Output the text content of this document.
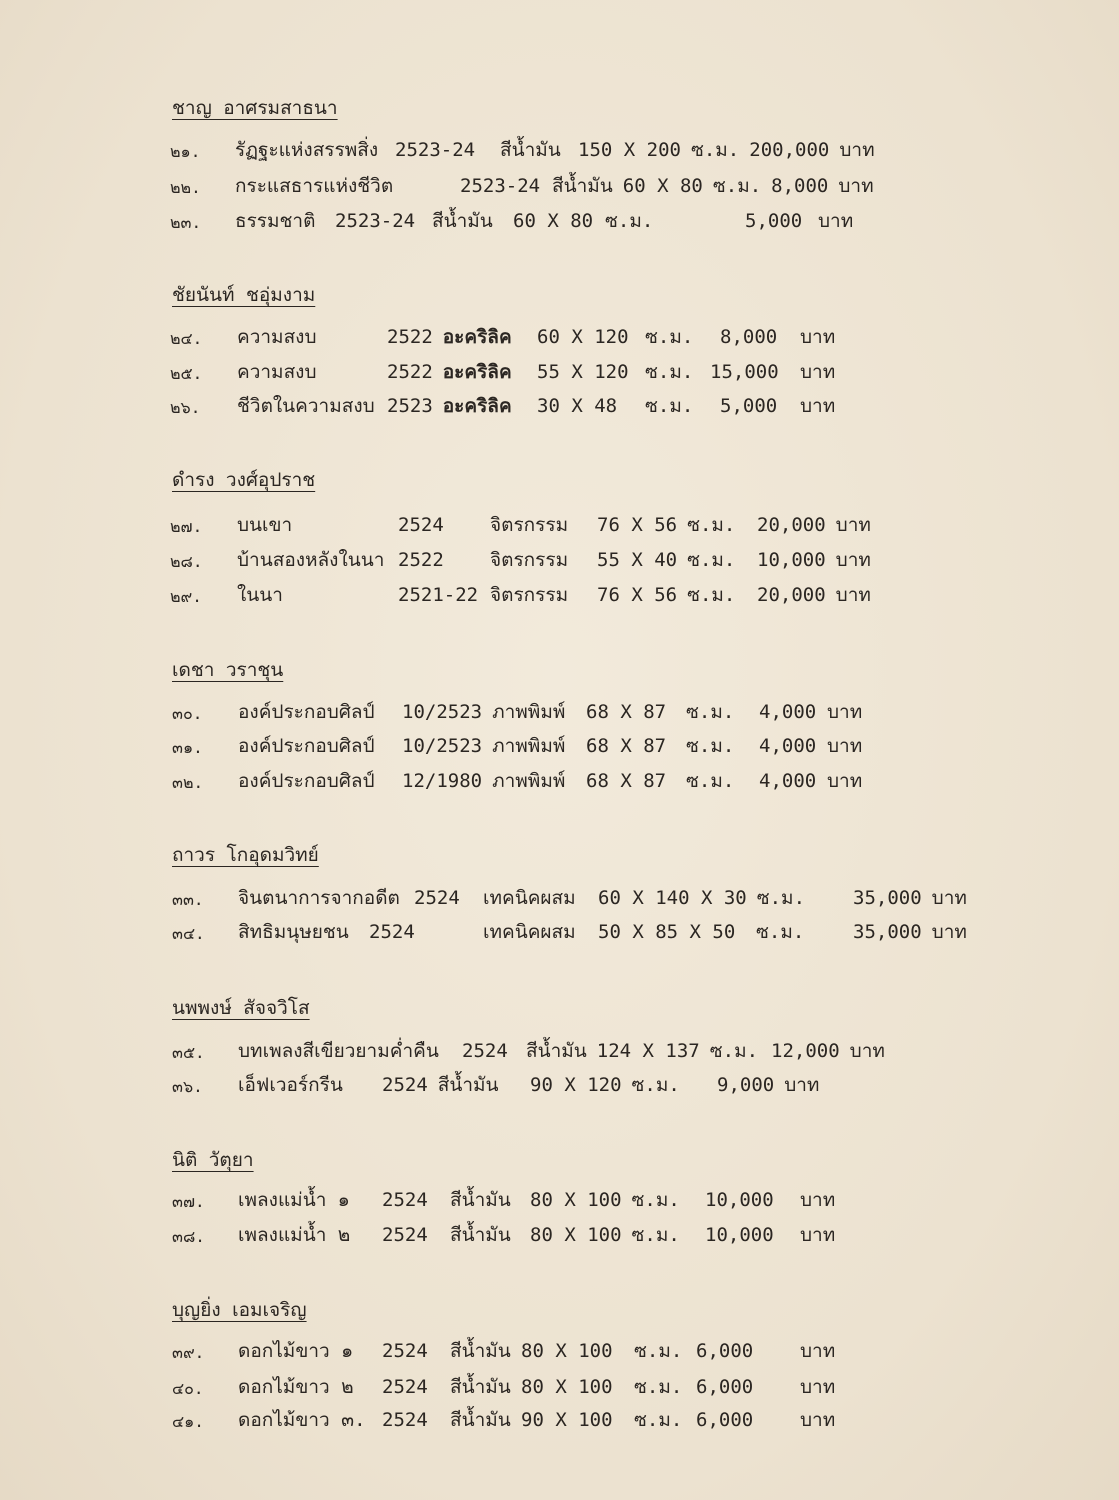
ชาญ อาศรมสาธนา
๒๑. รัฏฐะแห่งสรรพสิ่ง 2523-24 สีน้ำมัน 150 X 200 ซ.ม. 200,000 บาท
๒๒. กระแสธารแห่งชีวิต	2523-24 สีน้ำมัน 60 X 80 ซ.ม. 8,000 บาท
๒๓. ธรรมชาติ 2523-24 สีน้ำมัน 60 X 80 ซ.ม.	5,000 บาท
ชัยนันท์ ชอุ่มงาม
๒๔. ความสงบ	2522 อะคริลิค 60 X 120 ซ.ม. 8,000 บาท
๒๕. ความสงบ	2522 อะคริลิค 55 X 120 ซ.ม. 15,000 บาท
๒๖. ชีวิตในความสงบ 2523 อะคริลิค 30 X 48 ซ.ม. 5,000 บาท
ดำรง วงศ์อุปราช
๒๗. บนเขา	2524 จิตรกรรม 76 X 56 ซ.ม. 20,000 บาท
๒๘. บ้านสองหลังในนา 2522 จิตรกรรม 55 X 40 ซ.ม. 10,000 บาท
๒๙. ในนา	2521-22 จิตรกรรม 76 X 56 ซ.ม. 20,000 บาท
เดชา วราชุน
๓๐. องค์ประกอบศิลป์ 10/2523 ภาพพิมพ์ 68 X 87 ซ.ม. 4,000 บาท
๓๑. องค์ประกอบศิลป์ 10/2523 ภาพพิมพ์ 68 X 87 ซ.ม. 4,000 บาท
๓๒. องค์ประกอบศิลป์ 12/1980 ภาพพิมพ์ 68 X 87 ซ.ม. 4,000 บาท
ถาวร โกอุดมวิทย์
๓๓. จินตนาการจากอดีต 2524 เทคนิคผสม 60 X 140 X 30 ซ.ม.	35,000 บาท
๓๔. สิทธิมนุษยชน 2524	เทคนิคผสม 50 X 85 X 50 ซ.ม.	35,000 บาท
นพพงษ์ สัจจวิโส
๓๕. บทเพลงสีเขียวยามค่ำคืน 2524 สีน้ำมัน 124 X 137 ซ.ม. 12,000 บาท
๓๖. เอ็ฟเวอร์กรีน 2524 สีน้ำมัน 90 X 120 ซ.ม. 9,000 บาท
นิติ วัตุยา
๓๗. เพลงแม่น้ำ ๑ 2524 สีน้ำมัน 80 X 100 ซ.ม. 10,000 บาท
๓๘. เพลงแม่น้ำ ๒ 2524 สีน้ำมัน 80 X 100 ซ.ม. 10,000 บาท
บุญยิ่ง เอมเจริญ
๓๙. ดอกไม้ขาว ๑ 2524 สีน้ำมัน 80 X 100 ซ.ม. 6,000 บาท
๔๐. ดอกไม้ขาว ๒ 2524 สีน้ำมัน 80 X 100 ซ.ม. 6,000 บาท
๔๑. ดอกไม้ขาว ๓. 2524 สีน้ำมัน 90 X 100 ซ.ม. 6,000 บาท
